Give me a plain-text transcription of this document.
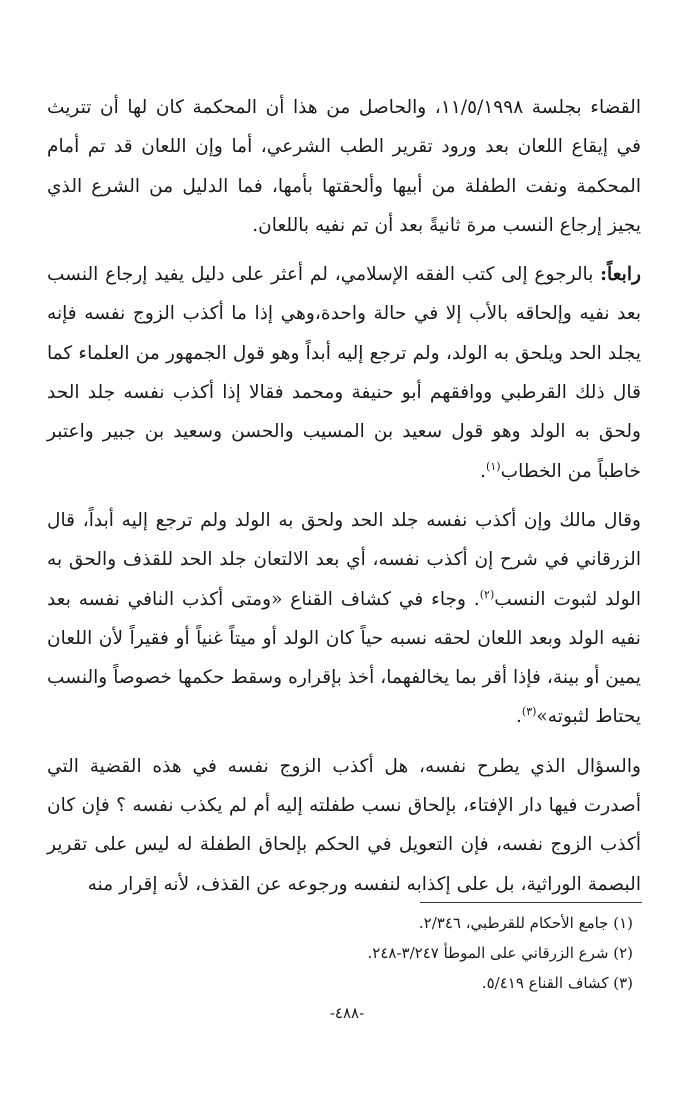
القضاء بجلسة ١١/٥/١٩٩٨، والحاصل من هذا أن المحكمة كان لها أن تتريث في إيقاع اللعان بعد ورود تقرير الطب الشرعي، أما وإن اللعان قد تم أمام المحكمة ونفت الطفلة من أبيها وألحقتها بأمها، فما الدليل من الشرع الذي يجيز إرجاع النسب مرة ثانيةً بعد أن تم نفيه باللعان.

رابعاً: بالرجوع إلى كتب الفقه الإسلامي، لم أعثر على دليل يفيد إرجاع النسب بعد نفيه وإلحاقه بالأب إلا في حالة واحدة،وهي إذا ما أكذب الزوج نفسه فإنه يجلد الحد ويلحق به الولد، ولم ترجع إليه أبداً وهو قول الجمهور من العلماء كما قال ذلك القرطبي ووافقهم أبو حنيفة ومحمد فقالا إذا أكذب نفسه جلد الحد ولحق به الولد وهو قول سعيد بن المسيب والحسن وسعيد بن جبير واعتبر خاطباً من الخطاب$^{(١)}$.

وقال مالك وإن أكذب نفسه جلد الحد ولحق به الولد ولم ترجع إليه أبداً، قال الزرقاني في شرح إن أكذب نفسه، أي بعد الالتعان جلد الحد للقذف والحق به الولد لثبوت النسب$^{(٢)}$. وجاء في كشاف القناع «ومتى أكذب النافي نفسه بعد نفيه الولد وبعد اللعان لحقه نسبه حياً كان الولد أو ميتاً غنياً أو فقيراً لأن اللعان يمين أو بينة، فإذا أقر بما يخالفهما، أخذ بإقراره وسقط حكمها خصوصاً والنسب يحتاط لثبوته»$^{(٣)}$.

والسؤال الذي يطرح نفسه، هل أكذب الزوج نفسه في هذه القضية التي أصدرت فيها دار الإفتاء، بإلحاق نسب طفلته إليه أم لم يكذب نفسه ؟ فإن كان أكذب الزوج نفسه، فإن التعويل في الحكم بإلحاق الطفلة له ليس على تقرير البصمة الوراثية، بل على إكذابه لنفسه ورجوعه عن القذف، لأنه إقرار منه

(١) جامع الأحكام للقرطبي، ٢/٣٤٦.
(٢) شرع الزرقاني على الموطأ ٣/٢٤٧-٢٤٨.
(٣) كشاف القناع ٥/٤١٩.
-٤٨٨-
